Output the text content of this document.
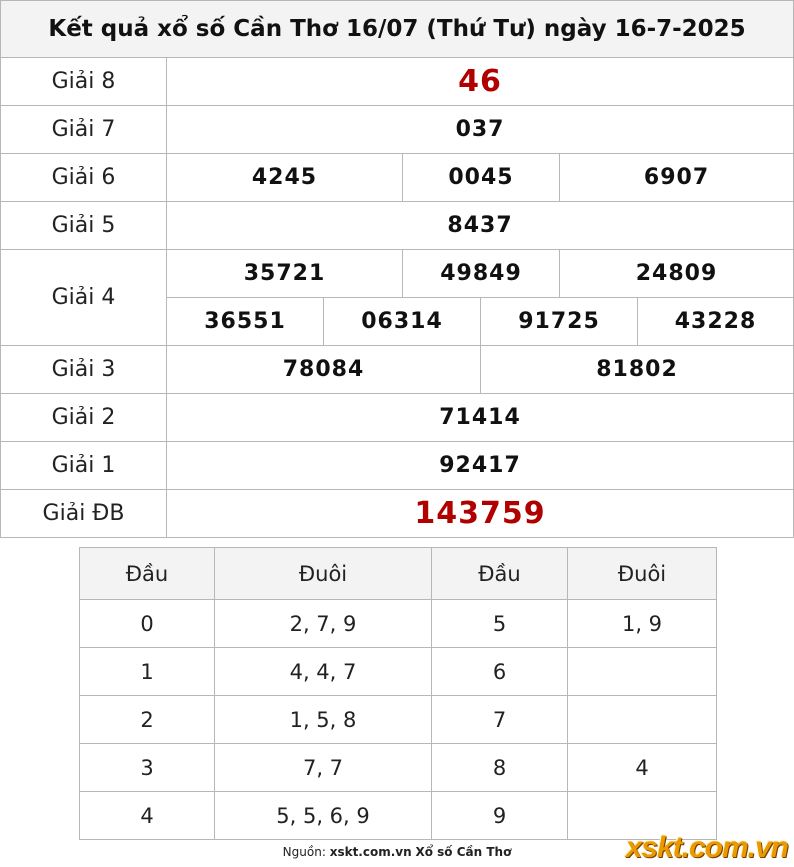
Kết quả xổ số Cần Thơ 16/07 (Thứ Tư) ngày 16-7-2025						
Giải 8	46					
Giải 7	037					
Giải 6	4245		0045		6907	
Giải 5	8437					
Giải 4	35721		49849		24809	
	36551	06314		91725		43228
Giải 3	78084			81802		
Giải 2	71414					
Giải 1	92417					
Giải ĐB	143759					
Đầu	Đuôi	Đầu	Đuôi
0	2, 7, 9	5	1, 9
1	4, 4, 7	6	
2	1, 5, 8	7	
3	7, 7	8	4
4	5, 5, 6, 9	9	
Nguồn: xskt.com.vn Xổ số Cần Thơ	xskt.com.vn
